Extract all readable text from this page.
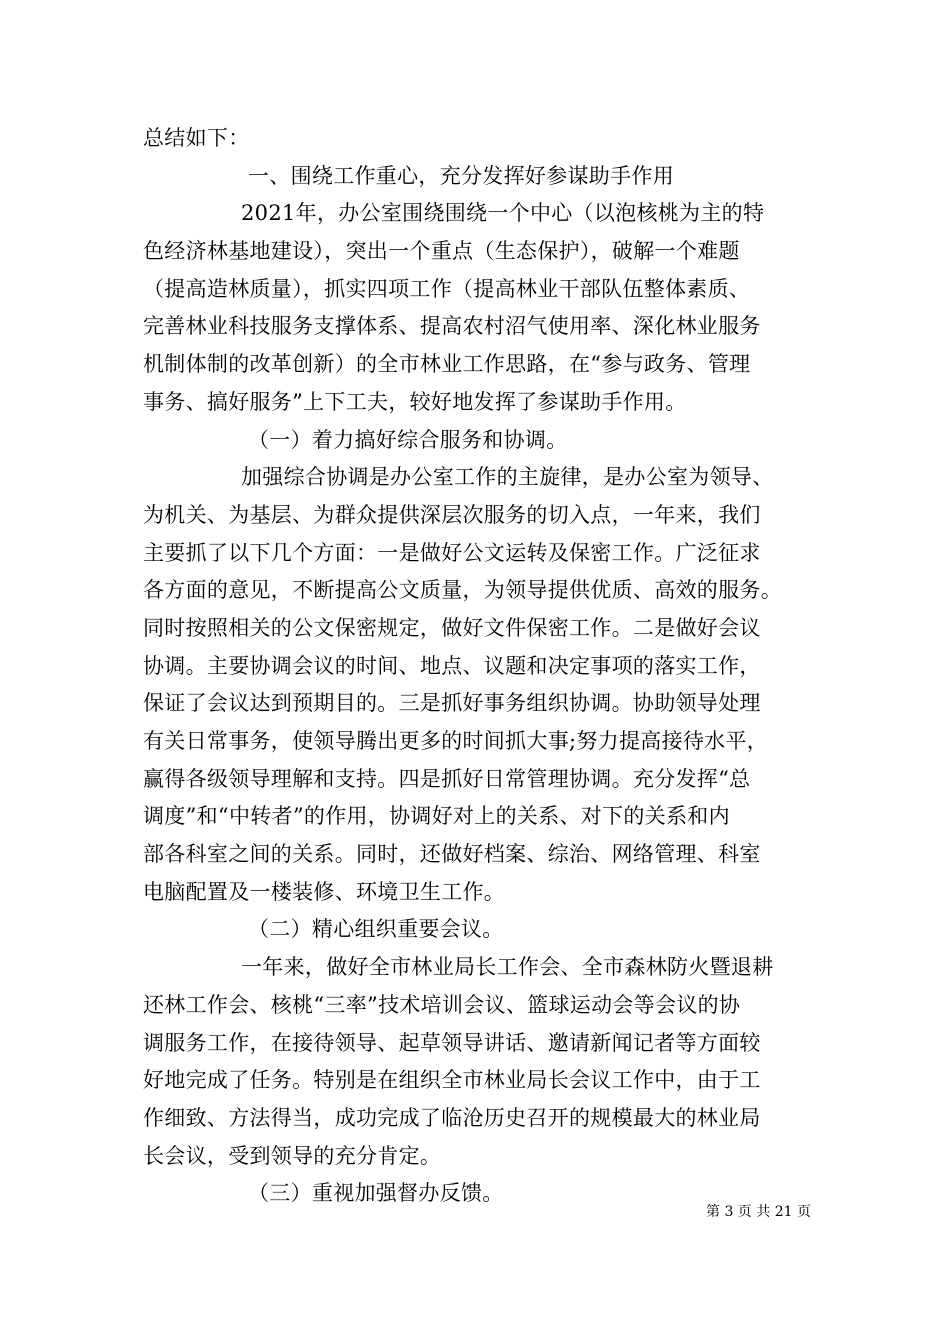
总结如下：
一、围绕工作重心，充分发挥好参谋助手作用
2021年，办公室围绕围绕一个中心（以泡核桃为主的特
色经济林基地建设），突出一个重点（生态保护），破解一个难题
（提高造林质量），抓实四项工作（提高林业干部队伍整体素质、
完善林业科技服务支撑体系、提高农村沼气使用率、深化林业服务
机制体制的改革创新）的全市林业工作思路，在“参与政务、管理
事务、搞好服务”上下工夫，较好地发挥了参谋助手作用。
（一）着力搞好综合服务和协调。
加强综合协调是办公室工作的主旋律，是办公室为领导、
为机关、为基层、为群众提供深层次服务的切入点，一年来，我们
主要抓了以下几个方面：一是做好公文运转及保密工作。广泛征求
各方面的意见，不断提高公文质量，为领导提供优质、高效的服务。
同时按照相关的公文保密规定，做好文件保密工作。二是做好会议
协调。主要协调会议的时间、地点、议题和决定事项的落实工作，
保证了会议达到预期目的。三是抓好事务组织协调。协助领导处理
有关日常事务，使领导腾出更多的时间抓大事;努力提高接待水平，
赢得各级领导理解和支持。四是抓好日常管理协调。充分发挥“总
调度”和“中转者”的作用，协调好对上的关系、对下的关系和内
部各科室之间的关系。同时，还做好档案、综治、网络管理、科室
电脑配置及一楼装修、环境卫生工作。
（二）精心组织重要会议。
一年来，做好全市林业局长工作会、全市森林防火暨退耕
还林工作会、核桃“三率”技术培训会议、篮球运动会等会议的协
调服务工作，在接待领导、起草领导讲话、邀请新闻记者等方面较
好地完成了任务。特别是在组织全市林业局长会议工作中，由于工
作细致、方法得当，成功完成了临沧历史召开的规模最大的林业局
长会议，受到领导的充分肯定。
（三）重视加强督办反馈。
第 3 页 共 21 页
